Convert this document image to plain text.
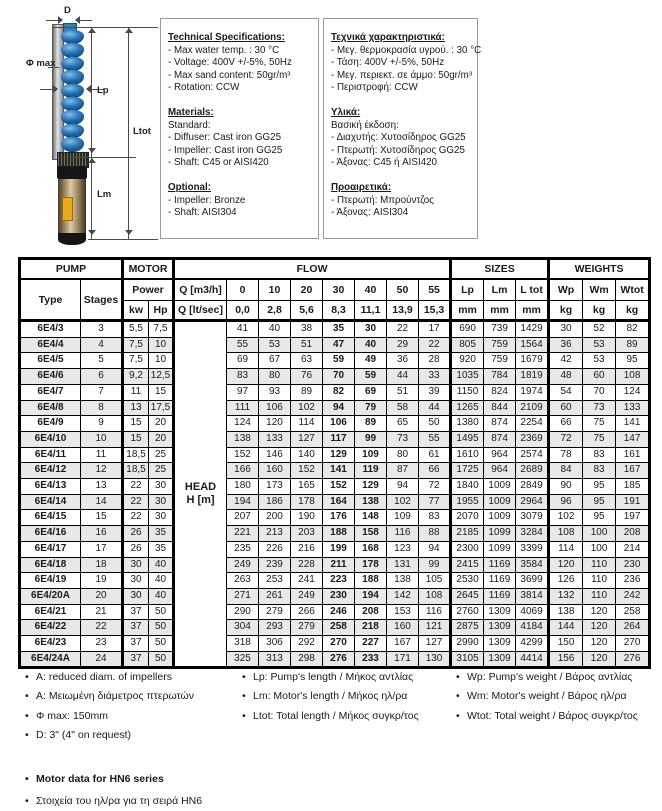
D
Φ max
Lp
Ltot
Lm
Technical Specifications:
- Max water temp. : 30 °C
- Voltage: 400V +/-5%, 50Hz
- Max sand content: 50gr/m³
- Rotation: CCW
Materials:
Standard:
- Diffuser: Cast iron GG25
- Impeller: Cast iron GG25
- Shaft: C45 or AISI420
Optional:
- Impeller: Bronze
- Shaft: AISI304
Τεχνικά χαρακτηριστικά:
- Μεγ. θερμοκρασία υγρού. : 30 °C
- Τάση: 400V +/-5%, 50Hz
- Μεγ. περιεκτ. σε άμμο: 50gr/m³
- Περιστροφή: CCW
Υλικά:
Βασική έκδοση:
- Διαχυτής: Χυτοσίδηρος GG25
- Πτερωτή: Χυτοσίδηρος GG25
- Άξονας: C45 ή AISI420
Προαιρετικά:
- Πτερωτή: Μπρούντζος
- Άξονας: AISI304
PUMP		MOTOR		FLOW								SIZES			WEIGHTS		
Type	Stages	Power		Q [m3/h]	0	10	20	30	40	50	55	Lp	Lm	L tot	Wp	Wm	Wtot
		kw	Hp	Q [lt/sec]	0,0	2,8	5,6	8,3	11,1	13,9	15,3	mm	mm	mm	kg	kg	kg
6E4/3	3	5,5	7,5	HEAD
H [m]	41	40	38	35	30	22	17	690	739	1429	30	52	82
6E4/4	4	7,5	10		55	53	51	47	40	29	22	805	759	1564	36	53	89
6E4/5	5	7,5	10		69	67	63	59	49	36	28	920	759	1679	42	53	95
6E4/6	6	9,2	12,5		83	80	76	70	59	44	33	1035	784	1819	48	60	108
6E4/7	7	11	15		97	93	89	82	69	51	39	1150	824	1974	54	70	124
6E4/8	8	13	17,5		111	106	102	94	79	58	44	1265	844	2109	60	73	133
6E4/9	9	15	20		124	120	114	106	89	65	50	1380	874	2254	66	75	141
6E4/10	10	15	20		138	133	127	117	99	73	55	1495	874	2369	72	75	147
6E4/11	11	18,5	25		152	146	140	129	109	80	61	1610	964	2574	78	83	161
6E4/12	12	18,5	25		166	160	152	141	119	87	66	1725	964	2689	84	83	167
6E4/13	13	22	30		180	173	165	152	129	94	72	1840	1009	2849	90	95	185
6E4/14	14	22	30		194	186	178	164	138	102	77	1955	1009	2964	96	95	191
6E4/15	15	22	30		207	200	190	176	148	109	83	2070	1009	3079	102	95	197
6E4/16	16	26	35		221	213	203	188	158	116	88	2185	1099	3284	108	100	208
6E4/17	17	26	35		235	226	216	199	168	123	94	2300	1099	3399	114	100	214
6E4/18	18	30	40		249	239	228	211	178	131	99	2415	1169	3584	120	110	230
6E4/19	19	30	40		263	253	241	223	188	138	105	2530	1169	3699	126	110	236
6E4/20A	20	30	40		271	261	249	230	194	142	108	2645	1169	3814	132	110	242
6E4/21	21	37	50		290	279	266	246	208	153	116	2760	1309	4069	138	120	258
6E4/22	22	37	50		304	293	279	258	218	160	121	2875	1309	4184	144	120	264
6E4/23	23	37	50		318	306	292	270	227	167	127	2990	1309	4299	150	120	270
6E4/24A	24	37	50		325	313	298	276	233	171	130	3105	1309	4414	156	120	276
• A: reduced diam. of impellers
• A: Μειωμένη διάμετρος πτερωτών
• Φ max: 150mm
• D: 3" (4" on request)
• Lp: Pump's length / Μήκος αντλίας
• Lm: Motor's length / Μήκος ηλ/ρα
• Ltot: Total length / Μήκος συγκρ/τος
• Wp: Pump's weight / Βάρος αντλίας
• Wm: Motor's weight / Βάρος ηλ/ρα
• Wtot: Total weight / Βάρος συγκρ/τος
• Motor data for HN6 series
• Στοιχεία του ηλ/ρα για τη σειρά HN6
